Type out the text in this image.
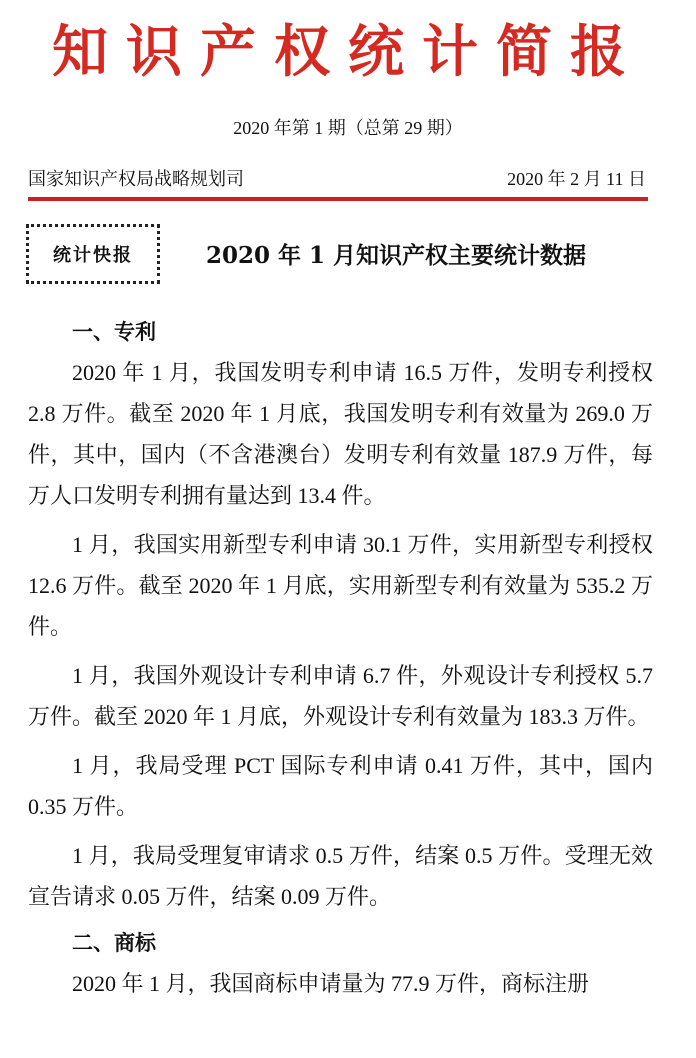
知识产权统计简报
2020 年第 1 期（总第 29 期）
国家知识产权局战略规划司	2020 年 2 月 11 日
统计快报	2020 年 1 月知识产权主要统计数据
一、专利

2020 年 1 月，我国发明专利申请 16.5 万件，发明专利授权 2.8 万件。截至 2020 年 1 月底，我国发明专利有效量为 269.0 万件，其中，国内（不含港澳台）发明专利有效量 187.9 万件，每万人口发明专利拥有量达到 13.4 件。

1 月，我国实用新型专利申请 30.1 万件，实用新型专利授权 12.6 万件。截至 2020 年 1 月底，实用新型专利有效量为 535.2 万件。

1 月，我国外观设计专利申请 6.7 件，外观设计专利授权 5.7 万件。截至 2020 年 1 月底，外观设计专利有效量为 183.3 万件。

1 月，我局受理 PCT 国际专利申请 0.41 万件，其中，国内 0.35 万件。

1 月，我局受理复审请求 0.5 万件，结案 0.5 万件。受理无效宣告请求 0.05 万件，结案 0.09 万件。

二、商标

2020 年 1 月，我国商标申请量为 77.9 万件，商标注册
